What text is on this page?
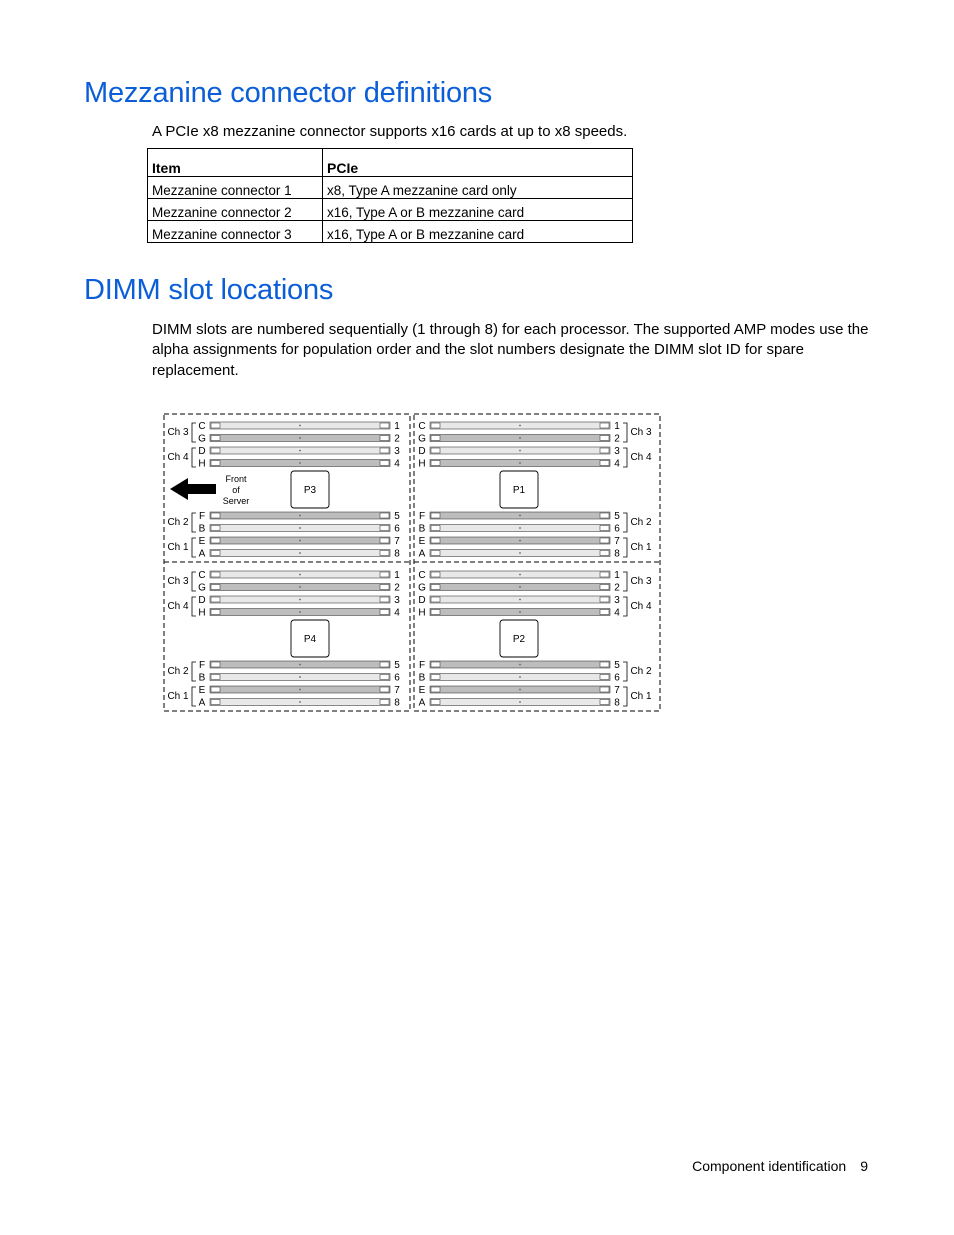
Mezzanine connector definitions

A PCIe x8 mezzanine connector supports x16 cards at up to x8 speeds.

Item	PCIe
Mezzanine connector 1	x8, Type A mezzanine card only
Mezzanine connector 2	x16, Type A or B mezzanine card
Mezzanine connector 3	x16, Type A or B mezzanine card
DIMM slot locations

DIMM slots are numbered sequentially (1 through 8) for each processor. The supported AMP modes use the

alpha assignments for population order and the slot numbers designate the DIMM slot ID for spare

replacement.

C	1
G	2
D	3
H	4
Ch 3
Ch 4
F	5
B	6
E	7
A	8
Ch 2
Ch 1
P3
C	1
G	2
D	3
H	4
Ch 3
Ch 4
F	5
B	6
E	7
A	8
Ch 2
Ch 1
P4
C	1
G	2
D	3
H	4
Ch 3
Ch 4
F	5
B	6
E	7
A	8
Ch 2
Ch 1
P1
C	1
G	2
D	3
H	4
Ch 3
Ch 4
F	5
B	6
E	7
A	8
Ch 2
Ch 1
P2
Front
of
Server
Component identification 9
